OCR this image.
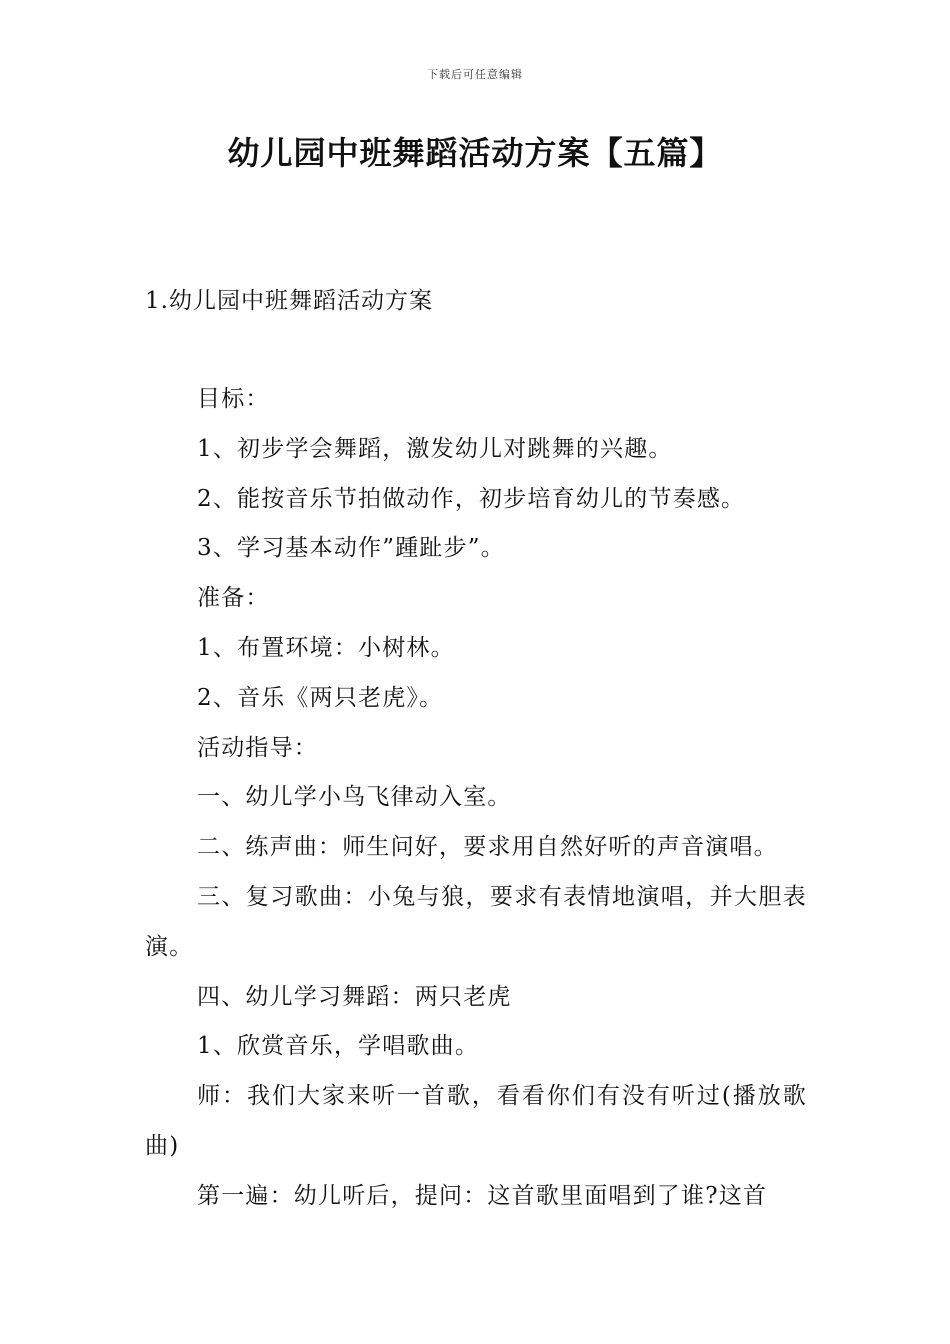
下载后可任意编辑
幼儿园中班舞蹈活动方案【五篇】
1.幼儿园中班舞蹈活动方案

目标：

1、初步学会舞蹈，激发幼儿对跳舞的兴趣。

2、能按音乐节拍做动作，初步培育幼儿的节奏感。

3、学习基本动作”踵趾步”。

准备：

1、布置环境：小树林。

2、音乐《两只老虎》。

活动指导：

一、幼儿学小鸟飞律动入室。

二、练声曲：师生问好，要求用自然好听的声音演唱。

三、复习歌曲：小兔与狼，要求有表情地演唱，并大胆表演。

四、幼儿学习舞蹈：两只老虎

1、欣赏音乐，学唱歌曲。

师：我们大家来听一首歌，看看你们有没有听过(播放歌曲)

第一遍：幼儿听后，提问：这首歌里面唱到了谁?这首
